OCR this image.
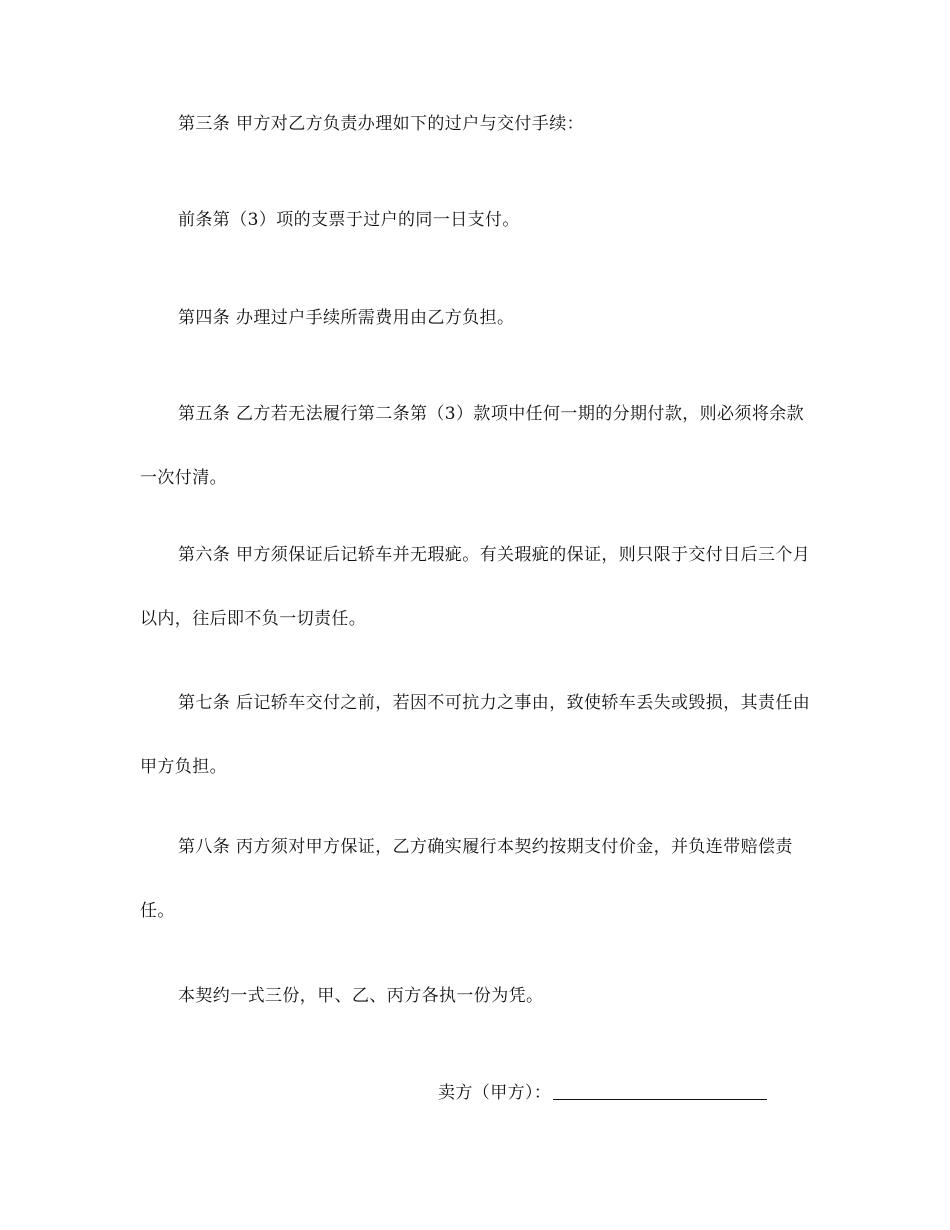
第三条 甲方对乙方负责办理如下的过户与交付手续：

前条第（3）项的支票于过户的同一日支付。

第四条 办理过户手续所需费用由乙方负担。

第五条 乙方若无法履行第二条第（3）款项中任何一期的分期付款，则必须将余款一次付清。

第六条 甲方须保证后记轿车并无瑕疵。有关瑕疵的保证，则只限于交付日后三个月以内，往后即不负一切责任。

第七条 后记轿车交付之前，若因不可抗力之事由，致使轿车丢失或毁损，其责任由甲方负担。

第八条 丙方须对甲方保证，乙方确实履行本契约按期支付价金，并负连带赔偿责任。

本契约一式三份，甲、乙、丙方各执一份为凭。

卖方（甲方）：
